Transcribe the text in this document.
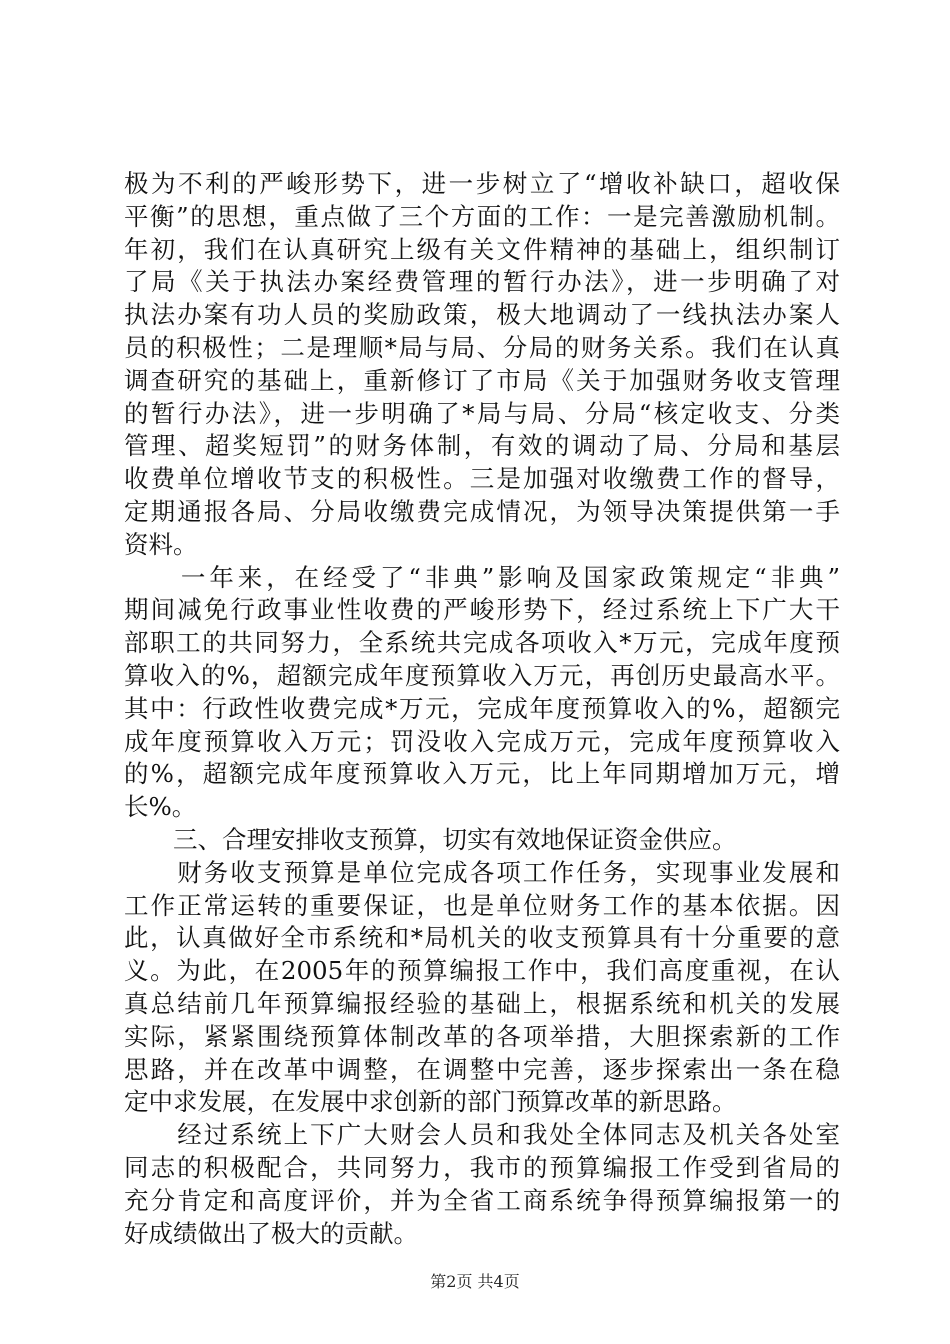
极为不利的严峻形势下，进一步树立了“增收补缺口，超收保
平衡”的思想，重点做了三个方面的工作：一是完善激励机制。
年初，我们在认真研究上级有关文件精神的基础上，组织制订
了局《关于执法办案经费管理的暂行办法》，进一步明确了对
执法办案有功人员的奖励政策，极大地调动了一线执法办案人
员的积极性；二是理顺*局与局、分局的财务关系。我们在认真
调查研究的基础上，重新修订了市局《关于加强财务收支管理
的暂行办法》，进一步明确了*局与局、分局“核定收支、分类
管理、超奖短罚”的财务体制，有效的调动了局、分局和基层
收费单位增收节支的积极性。三是加强对收缴费工作的督导，
定期通报各局、分局收缴费完成情况，为领导决策提供第一手
资料。
　　一年来，在经受了“非典”影响及国家政策规定“非典”
期间减免行政事业性收费的严峻形势下，经过系统上下广大干
部职工的共同努力，全系统共完成各项收入*万元，完成年度预
算收入的%，超额完成年度预算收入万元，再创历史最高水平。
其中：行政性收费完成*万元，完成年度预算收入的%，超额完
成年度预算收入万元；罚没收入完成万元，完成年度预算收入
的%，超额完成年度预算收入万元，比上年同期增加万元，增
长%。
　　三、合理安排收支预算，切实有效地保证资金供应。
　　财务收支预算是单位完成各项工作任务，实现事业发展和
工作正常运转的重要保证，也是单位财务工作的基本依据。因
此，认真做好全市系统和*局机关的收支预算具有十分重要的意
义。为此，在2005年的预算编报工作中，我们高度重视，在认
真总结前几年预算编报经验的基础上，根据系统和机关的发展
实际，紧紧围绕预算体制改革的各项举措，大胆探索新的工作
思路，并在改革中调整，在调整中完善，逐步探索出一条在稳
定中求发展，在发展中求创新的部门预算改革的新思路。
　　经过系统上下广大财会人员和我处全体同志及机关各处室
同志的积极配合，共同努力，我市的预算编报工作受到省局的
充分肯定和高度评价，并为全省工商系统争得预算编报第一的
好成绩做出了极大的贡献。
第2页 共4页
